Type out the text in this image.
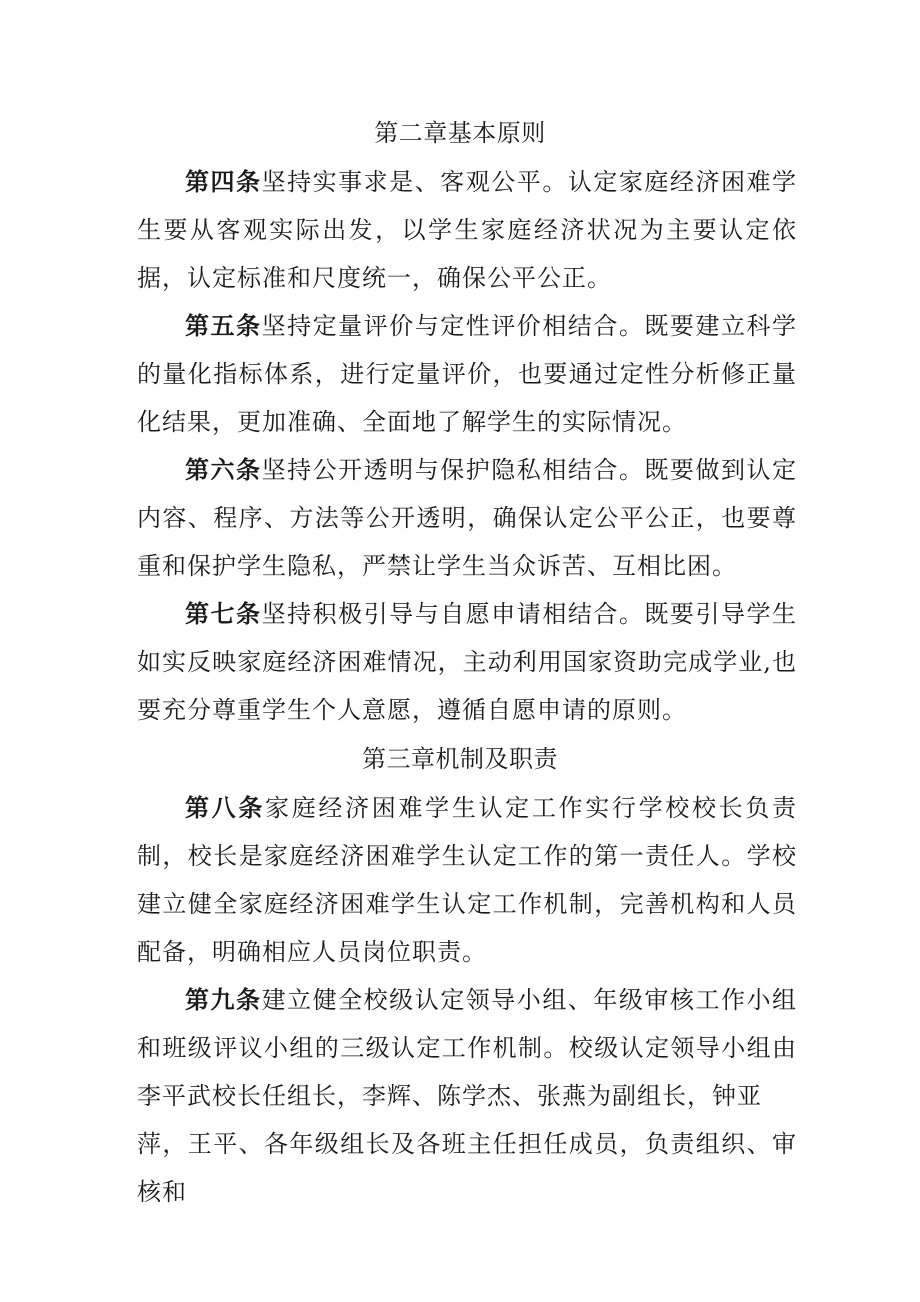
第二章基本原则

第四条坚持实事求是、客观公平。认定家庭经济困难学生要从客观实际出发，以学生家庭经济状况为主要认定依据，认定标准和尺度统一，确保公平公正。

第五条坚持定量评价与定性评价相结合。既要建立科学的量化指标体系，进行定量评价，也要通过定性分析修正量化结果，更加准确、全面地了解学生的实际情况。

第六条坚持公开透明与保护隐私相结合。既要做到认定内容、程序、方法等公开透明，确保认定公平公正，也要尊重和保护学生隐私，严禁让学生当众诉苦、互相比困。

第七条坚持积极引导与自愿申请相结合。既要引导学生如实反映家庭经济困难情况，主动利用国家资助完成学业,也要充分尊重学生个人意愿，遵循自愿申请的原则。

第三章机制及职责

第八条家庭经济困难学生认定工作实行学校校长负责制，校长是家庭经济困难学生认定工作的第一责任人。学校建立健全家庭经济困难学生认定工作机制，完善机构和人员配备，明确相应人员岗位职责。

第九条建立健全校级认定领导小组、年级审核工作小组和班级评议小组的三级认定工作机制。校级认定领导小组由李平武校长任组长，李辉、陈学杰、张燕为副组长，钟亚

萍，王平、各年级组长及各班主任担任成员，负责组织、审核和
